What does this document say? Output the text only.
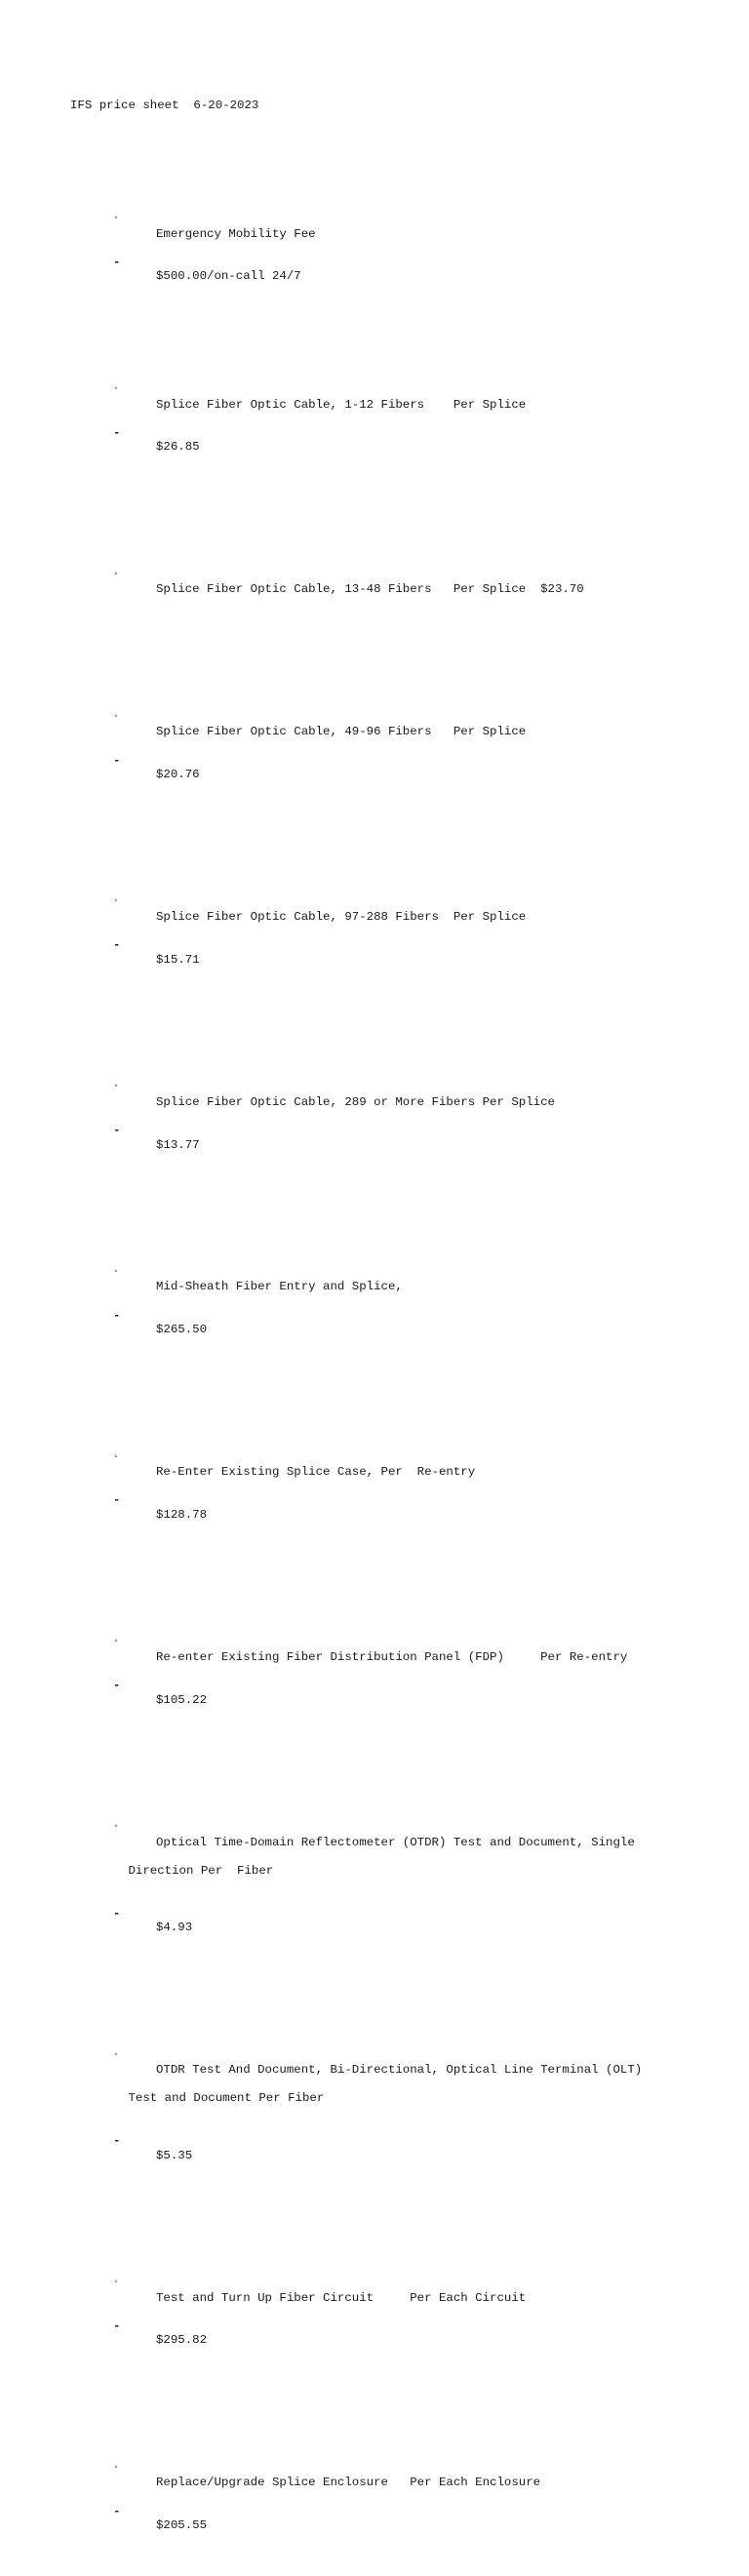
IFS price sheet  6-20-2023

◦

Emergency Mobility Fee

-

$500.00/on-call 24/7

◦

Splice Fiber Optic Cable, 1-12 Fibers    Per Splice

-

$26.85

◦

Splice Fiber Optic Cable, 13-48 Fibers   Per Splice  $23.70

◦

Splice Fiber Optic Cable, 49-96 Fibers   Per Splice

-

$20.76

◦

Splice Fiber Optic Cable, 97-288 Fibers  Per Splice

-

$15.71

◦

Splice Fiber Optic Cable, 289 or More Fibers Per Splice

-

$13.77

◦

Mid-Sheath Fiber Entry and Splice,

-

$265.50

◦

Re-Enter Existing Splice Case, Per  Re-entry

-

$128.78

◦

Re-enter Existing Fiber Distribution Panel (FDP)     Per Re-entry

-

$105.22

◦

Optical Time-Domain Reflectometer (OTDR) Test and Document, Single

Direction Per  Fiber

-

$4.93

◦

OTDR Test And Document, Bi-Directional, Optical Line Terminal (OLT)

Test and Document Per Fiber

-

$5.35

◦

Test and Turn Up Fiber Circuit     Per Each Circuit

-

$295.82

◦

Replace/Upgrade Splice Enclosure   Per Each Enclosure

-

$205.55
